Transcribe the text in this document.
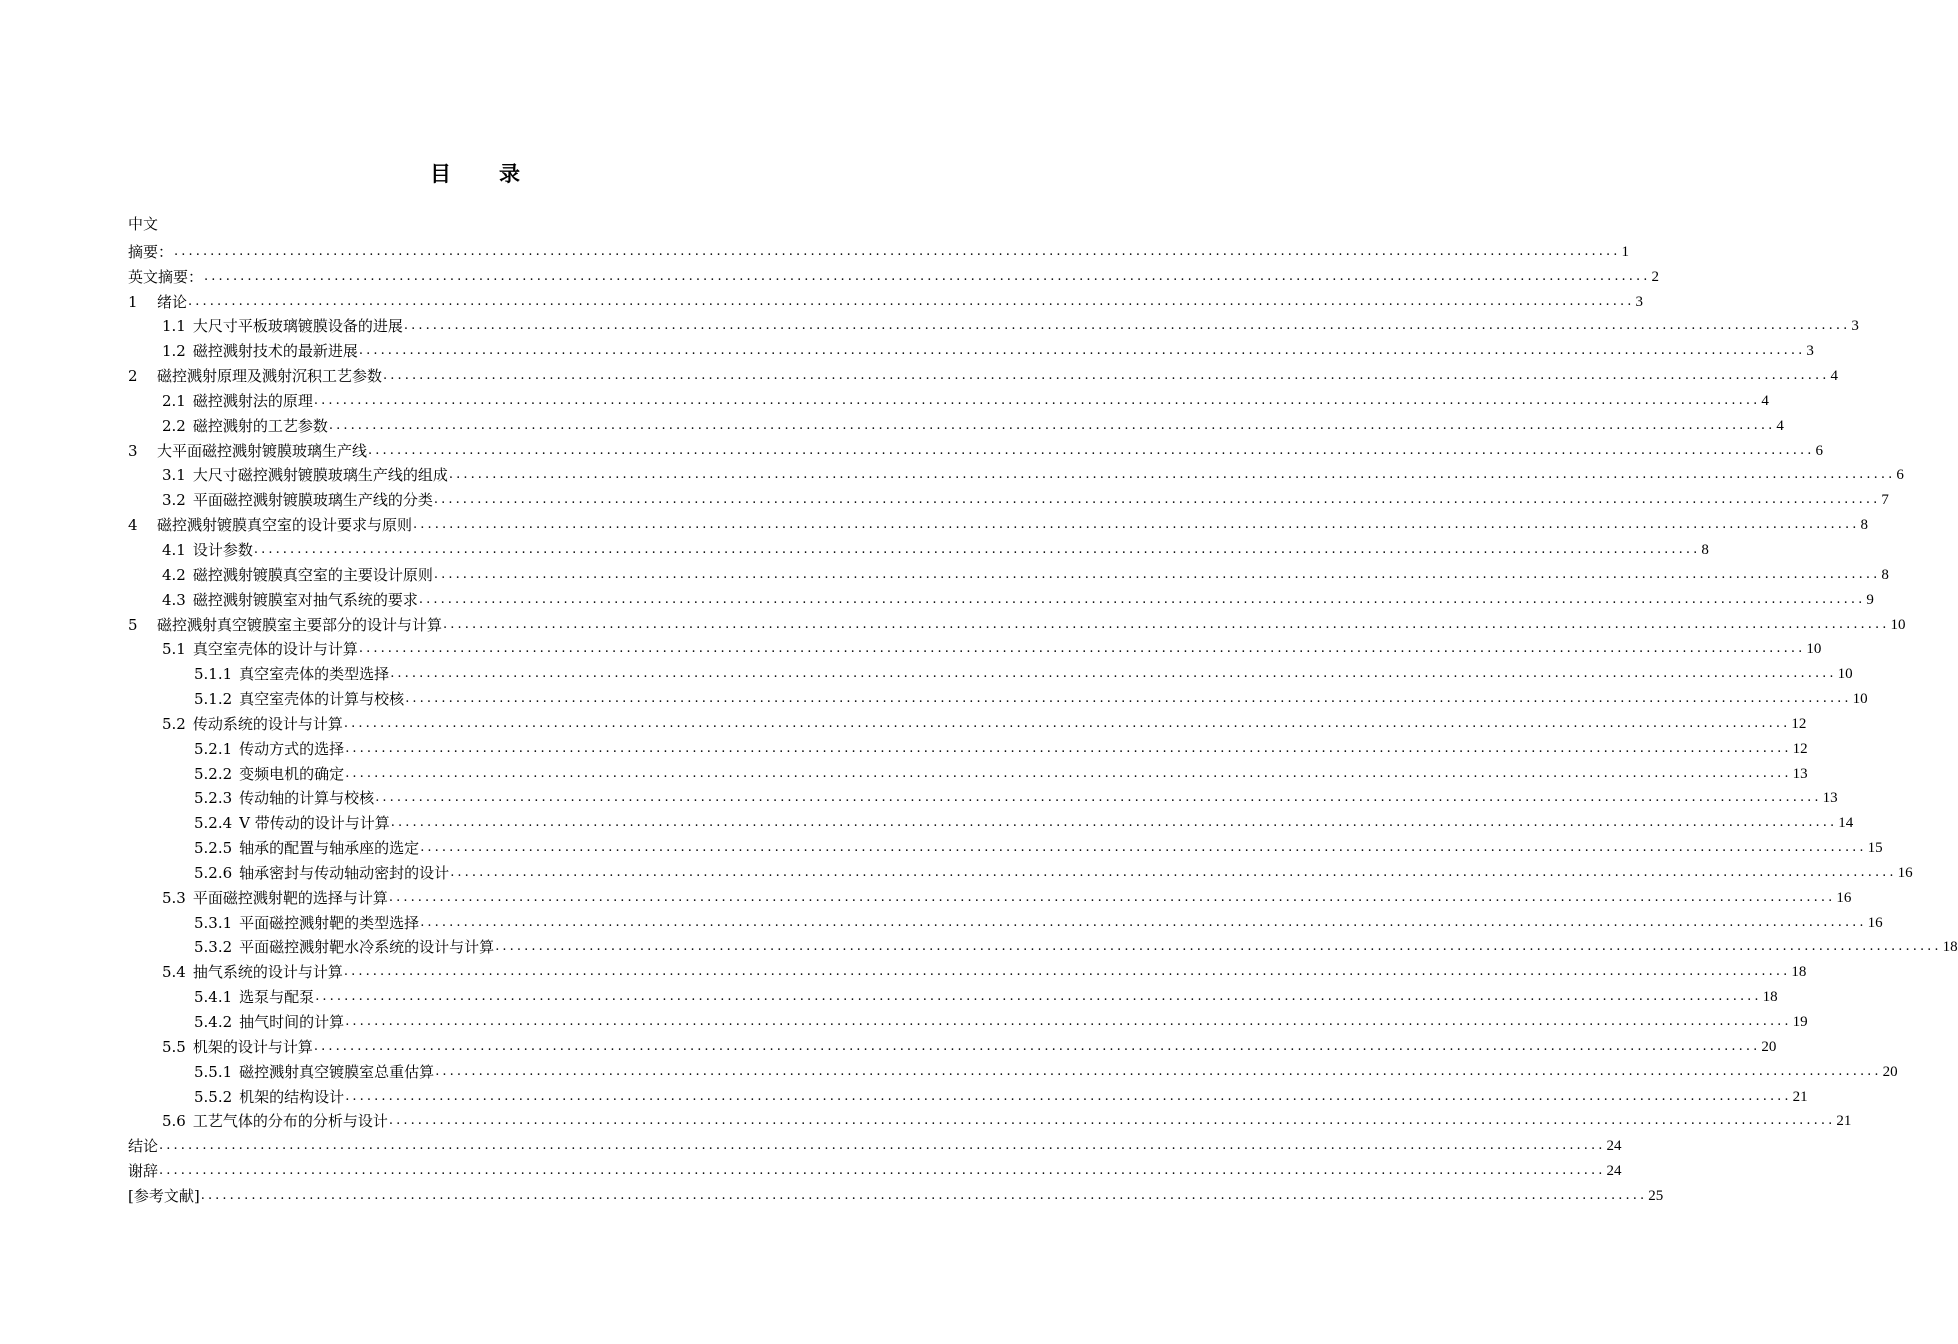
目 录
中文
摘要： ........................................................................................................................................................................................................ 1
英文摘要： ........................................................................................................................................................................................................ 2
1 绪论 ........................................................................................................................................................................................................ 3
1.1 大尺寸平板玻璃镀膜设备的进展 ........................................................................................................................................................................................................ 3
1.2 磁控溅射技术的最新进展 ........................................................................................................................................................................................................ 3
2 磁控溅射原理及溅射沉积工艺参数 ........................................................................................................................................................................................................ 4
2.1 磁控溅射法的原理 ........................................................................................................................................................................................................ 4
2.2 磁控溅射的工艺参数 ........................................................................................................................................................................................................ 4
3 大平面磁控溅射镀膜玻璃生产线 ........................................................................................................................................................................................................ 6
3.1 大尺寸磁控溅射镀膜玻璃生产线的组成 ........................................................................................................................................................................................................ 6
3.2 平面磁控溅射镀膜玻璃生产线的分类 ........................................................................................................................................................................................................ 7
4 磁控溅射镀膜真空室的设计要求与原则 ........................................................................................................................................................................................................ 8
4.1 设计参数 ........................................................................................................................................................................................................ 8
4.2 磁控溅射镀膜真空室的主要设计原则 ........................................................................................................................................................................................................ 8
4.3 磁控溅射镀膜室对抽气系统的要求 ........................................................................................................................................................................................................ 9
5 磁控溅射真空镀膜室主要部分的设计与计算 ........................................................................................................................................................................................................ 10
5.1 真空室壳体的设计与计算 ........................................................................................................................................................................................................ 10
5.1.1 真空室壳体的类型选择 ........................................................................................................................................................................................................ 10
5.1.2 真空室壳体的计算与校核 ........................................................................................................................................................................................................ 10
5.2 传动系统的设计与计算 ........................................................................................................................................................................................................ 12
5.2.1 传动方式的选择 ........................................................................................................................................................................................................ 12
5.2.2 变频电机的确定 ........................................................................................................................................................................................................ 13
5.2.3 传动轴的计算与校核 ........................................................................................................................................................................................................ 13
5.2.4 V 带传动的设计与计算 ........................................................................................................................................................................................................ 14
5.2.5 轴承的配置与轴承座的选定 ........................................................................................................................................................................................................ 15
5.2.6 轴承密封与传动轴动密封的设计 ........................................................................................................................................................................................................ 16
5.3 平面磁控溅射靶的选择与计算 ........................................................................................................................................................................................................ 16
5.3.1 平面磁控溅射靶的类型选择 ........................................................................................................................................................................................................ 16
5.3.2 平面磁控溅射靶水冷系统的设计与计算 ........................................................................................................................................................................................................ 18
5.4 抽气系统的设计与计算 ........................................................................................................................................................................................................ 18
5.4.1 选泵与配泵 ........................................................................................................................................................................................................ 18
5.4.2 抽气时间的计算 ........................................................................................................................................................................................................ 19
5.5 机架的设计与计算 ........................................................................................................................................................................................................ 20
5.5.1 磁控溅射真空镀膜室总重估算 ........................................................................................................................................................................................................ 20
5.5.2 机架的结构设计 ........................................................................................................................................................................................................ 21
5.6 工艺气体的分布的分析与设计 ........................................................................................................................................................................................................ 21
结论 ........................................................................................................................................................................................................ 24
谢辞 ........................................................................................................................................................................................................ 24
[参考文献] ........................................................................................................................................................................................................ 25
